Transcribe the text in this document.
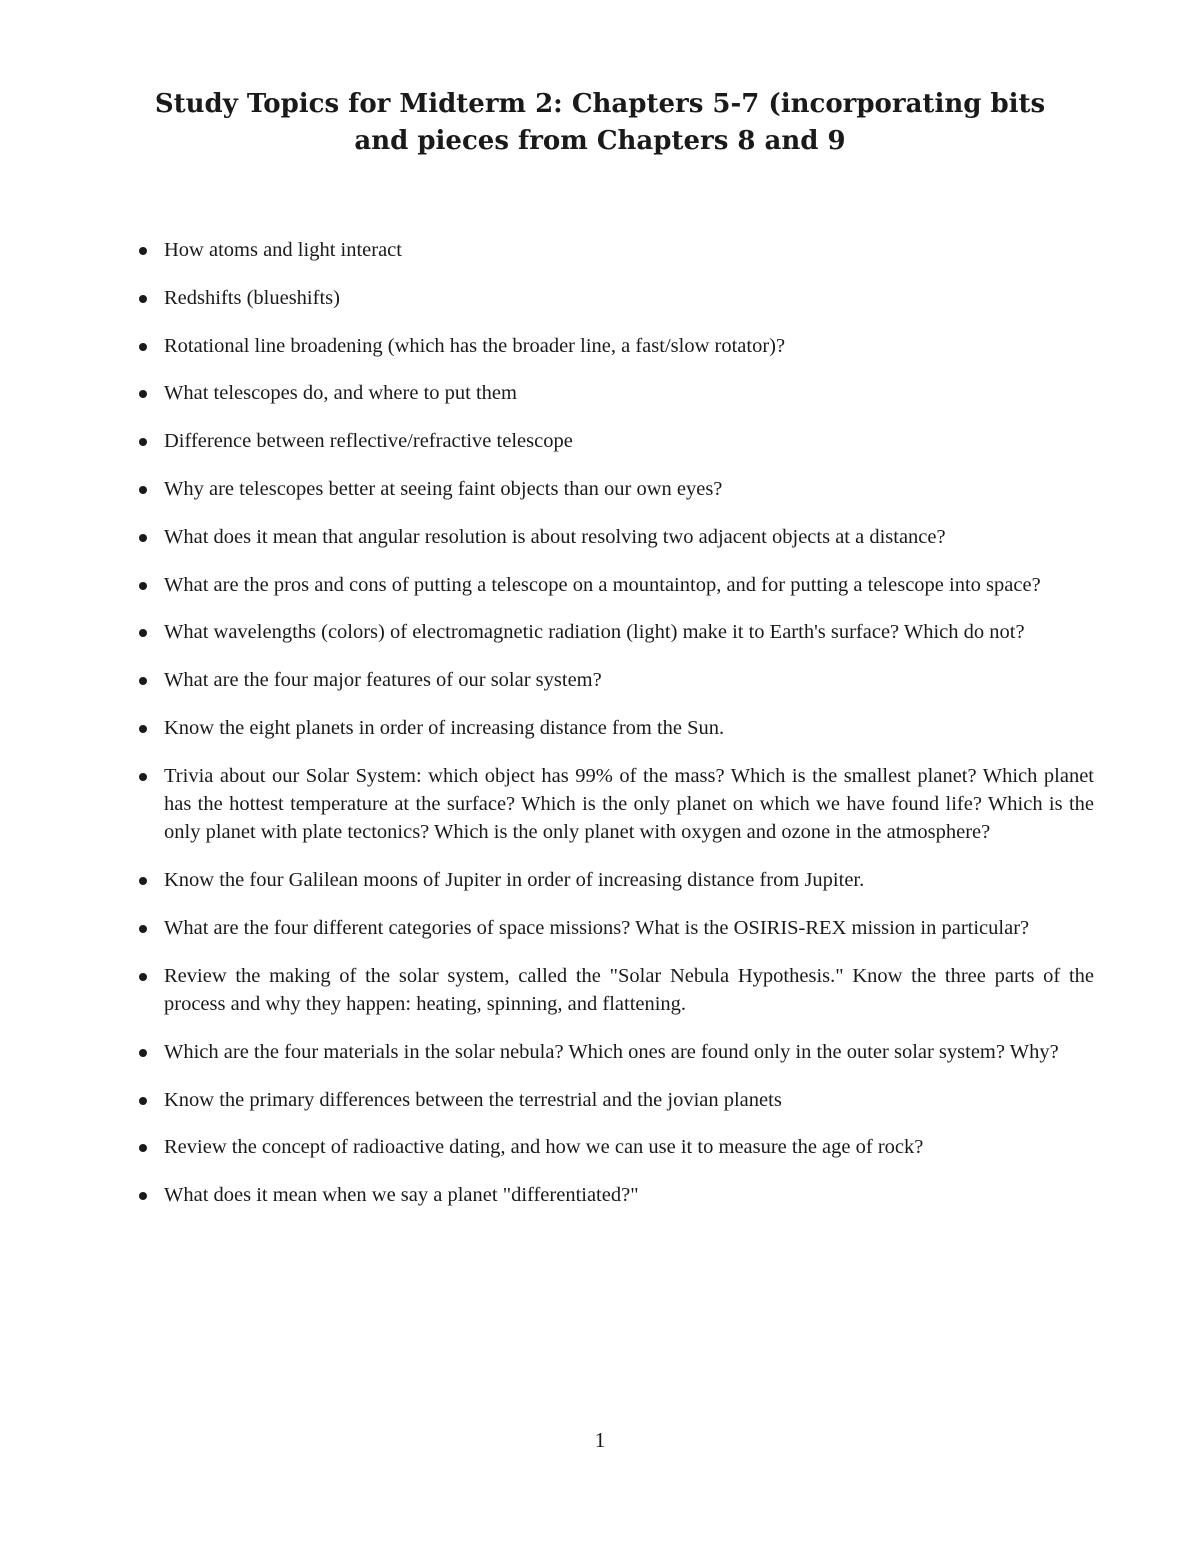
Study Topics for Midterm 2: Chapters 5-7 (incorporating bits and pieces from Chapters 8 and 9
How atoms and light interact
Redshifts (blueshifts)
Rotational line broadening (which has the broader line, a fast/slow rotator)?
What telescopes do, and where to put them
Difference between reflective/refractive telescope
Why are telescopes better at seeing faint objects than our own eyes?
What does it mean that angular resolution is about resolving two adjacent objects at a distance?
What are the pros and cons of putting a telescope on a mountaintop, and for putting a telescope into space?
What wavelengths (colors) of electromagnetic radiation (light) make it to Earth's surface? Which do not?
What are the four major features of our solar system?
Know the eight planets in order of increasing distance from the Sun.
Trivia about our Solar System: which object has 99% of the mass? Which is the smallest planet? Which planet has the hottest temperature at the surface? Which is the only planet on which we have found life? Which is the only planet with plate tectonics? Which is the only planet with oxygen and ozone in the atmosphere?
Know the four Galilean moons of Jupiter in order of increasing distance from Jupiter.
What are the four different categories of space missions? What is the OSIRIS-REX mission in particular?
Review the making of the solar system, called the "Solar Nebula Hypothesis." Know the three parts of the process and why they happen: heating, spinning, and flattening.
Which are the four materials in the solar nebula? Which ones are found only in the outer solar system? Why?
Know the primary differences between the terrestrial and the jovian planets
Review the concept of radioactive dating, and how we can use it to measure the age of rock?
What does it mean when we say a planet "differentiated?"
1
